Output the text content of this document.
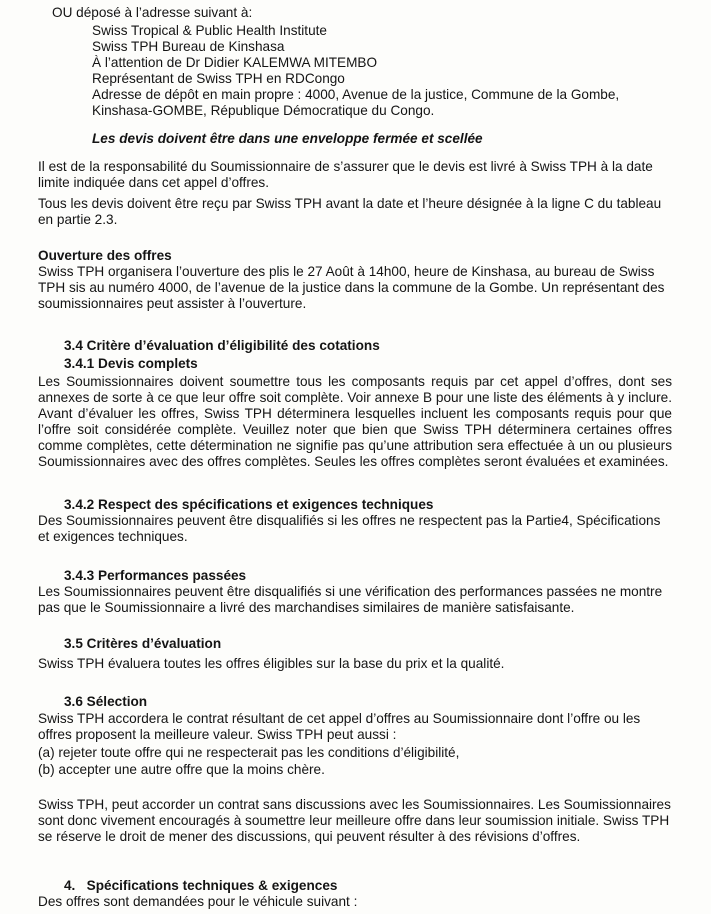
OU déposé à l’adresse suivant à:

Swiss Tropical & Public Health Institute

Swiss TPH Bureau de Kinshasa

À l’attention de Dr Didier KALEMWA MITEMBO

Représentant de Swiss TPH en RDCongo

Adresse de dépôt en main propre : 4000, Avenue de la justice, Commune de la Gombe, Kinshasa-GOMBE, République Démocratique du Congo.

Les devis doivent être dans une enveloppe fermée et scellée

Il est de la responsabilité du Soumissionnaire de s’assurer que le devis est livré à Swiss TPH à la date limite indiquée dans cet appel d’offres.

Tous les devis doivent être reçu par Swiss TPH avant la date et l’heure désignée à la ligne C du tableau en partie 2.3.

Ouverture des offres

Swiss TPH organisera l’ouverture des plis le 27 Août à 14h00, heure de Kinshasa, au bureau de Swiss TPH sis au numéro 4000, de l’avenue de la justice dans la commune de la Gombe. Un représentant des soumissionnaires peut assister à l’ouverture.

3.4 Critère d’évaluation d’éligibilité des cotations

3.4.1 Devis complets

Les Soumissionnaires doivent soumettre tous les composants requis par cet appel d’offres, dont ses annexes de sorte à ce que leur offre soit complète. Voir annexe B pour une liste des éléments à y inclure. Avant d’évaluer les offres, Swiss TPH déterminera lesquelles incluent les composants requis pour que l’offre soit considérée complète. Veuillez noter que bien que Swiss TPH déterminera certaines offres comme complètes, cette détermination ne signifie pas qu’une attribution sera effectuée à un ou plusieurs Soumissionnaires avec des offres complètes. Seules les offres complètes seront évaluées et examinées.

3.4.2 Respect des spécifications et exigences techniques

Des Soumissionnaires peuvent être disqualifiés si les offres ne respectent pas la Partie4, Spécifications et exigences techniques.

3.4.3 Performances passées

Les Soumissionnaires peuvent être disqualifiés si une vérification des performances passées ne montre pas que le Soumissionnaire a livré des marchandises similaires de manière satisfaisante.

3.5 Critères d’évaluation

Swiss TPH évaluera toutes les offres éligibles sur la base du prix et la qualité.

3.6 Sélection

Swiss TPH accordera le contrat résultant de cet appel d’offres au Soumissionnaire dont l’offre ou les offres proposent la meilleure valeur. Swiss TPH peut aussi :

(a) rejeter toute offre qui ne respecterait pas les conditions d’éligibilité,

(b) accepter une autre offre que la moins chère.

Swiss TPH, peut accorder un contrat sans discussions avec les Soumissionnaires. Les Soumissionnaires sont donc vivement encouragés à soumettre leur meilleure offre dans leur soumission initiale. Swiss TPH se réserve le droit de mener des discussions, qui peuvent résulter à des révisions d’offres.

4.   Spécifications techniques & exigences

Des offres sont demandées pour le véhicule suivant :
